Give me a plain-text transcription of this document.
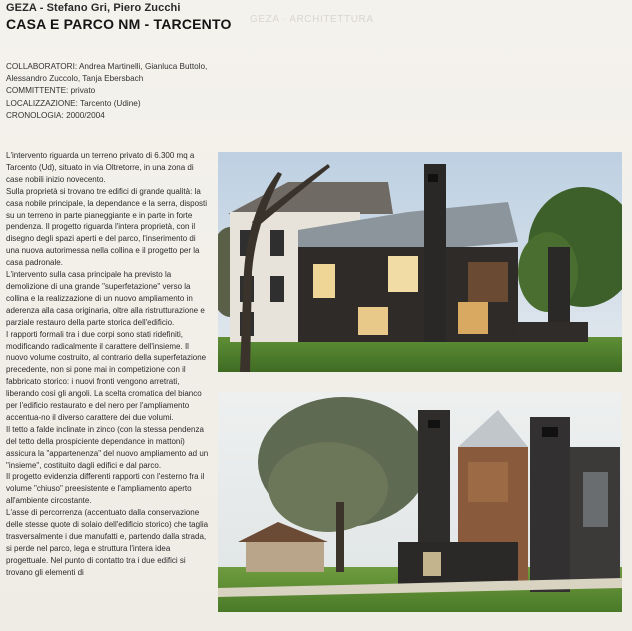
GEZA - Stefano Gri, Piero Zucchi
CASA E PARCO NM - TARCENTO	GEZA · ARCHITETTURA
COLLABORATORI: Andrea Martinelli, Gianluca Buttolo, Alessandro Zuccolo, Tanja Ebersbach
COMMITTENTE: privato
LOCALIZZAZIONE: Tarcento (Udine)
CRONOLOGIA: 2000/2004
L'intervento riguarda un terreno privato di 6.300 mq a Tarcento (Ud), situato in via Oltretorre, in una zona di case nobili inizio novecento.
Sulla proprietà si trovano tre edifici di grande qualità: la casa nobile principale, la dependance e la serra, disposti su un terreno in parte pianeggiante e in parte in forte pendenza. Il progetto riguarda l'intera proprietà, con il disegno degli spazi aperti e del parco, l'inserimento di una nuova autorimessa nella collina e il progetto per la casa padronale.
L'intervento sulla casa principale ha previsto la demolizione di una grande "superfetazione" verso la collina e la realizzazione di un nuovo ampliamento in aderenza alla casa originaria, oltre alla ristrutturazione e parziale restauro della parte storica dell'edificio.
I rapporti formali tra i due corpi sono stati ridefiniti, modificando radicalmente il carattere dell'insieme. Il nuovo volume costruito, al contrario della superfetazione precedente, non si pone mai in competizione con il fabbricato storico: i nuovi fronti vengono arretrati, liberando così gli angoli. La scelta cromatica del bianco per l'edificio restaurato e del nero per l'ampliamento accentua-no il diverso carattere dei due volumi.
Il tetto a falde inclinate in zinco (con la stessa pendenza del tetto della prospiciente dependance in mattoni) assicura la "appartenenza" del nuovo ampliamento ad un "insieme", costituito dagli edifici e dal parco.
Il progetto evidenzia differenti rapporti con l'esterno fra il volume "chiuso" preesistente e l'ampliamento aperto all'ambiente circostante.
L'asse di percorrenza (accentuato dalla conservazione delle stesse quote di solaio dell'edificio storico) che taglia trasversalmente i due manufatti e, partendo dalla strada, si perde nel parco, lega e struttura l'intera idea progettuale. Nel punto di contatto tra i due edifici si trovano gli elementi di
